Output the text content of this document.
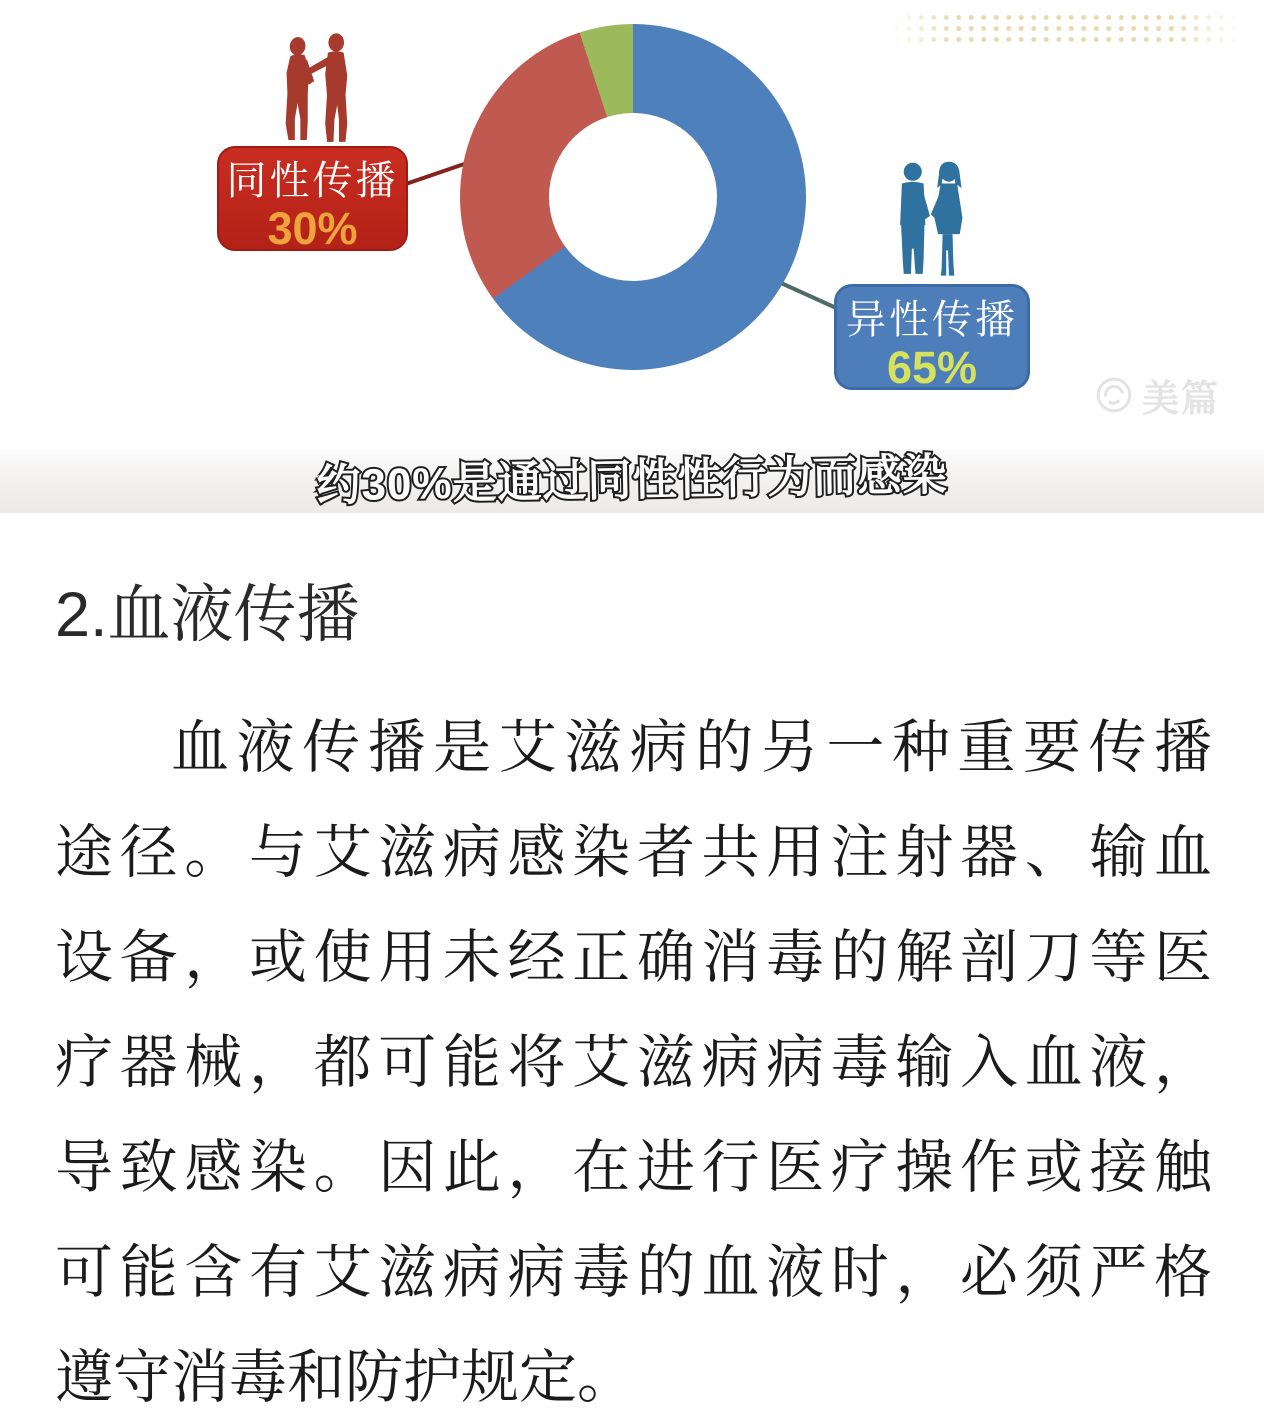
同性传播
30%
异性传播
65%
美篇
约30%是通过同性性行为而感染
2.血液传播
血液传播是艾滋病的另一种重要传播
途径。与艾滋病感染者共用注射器、输血
设备，或使用未经正确消毒的解剖刀等医
疗器械，都可能将艾滋病病毒输入血液，
导致感染。因此，在进行医疗操作或接触
可能含有艾滋病病毒的血液时，必须严格
遵守消毒和防护规定。
